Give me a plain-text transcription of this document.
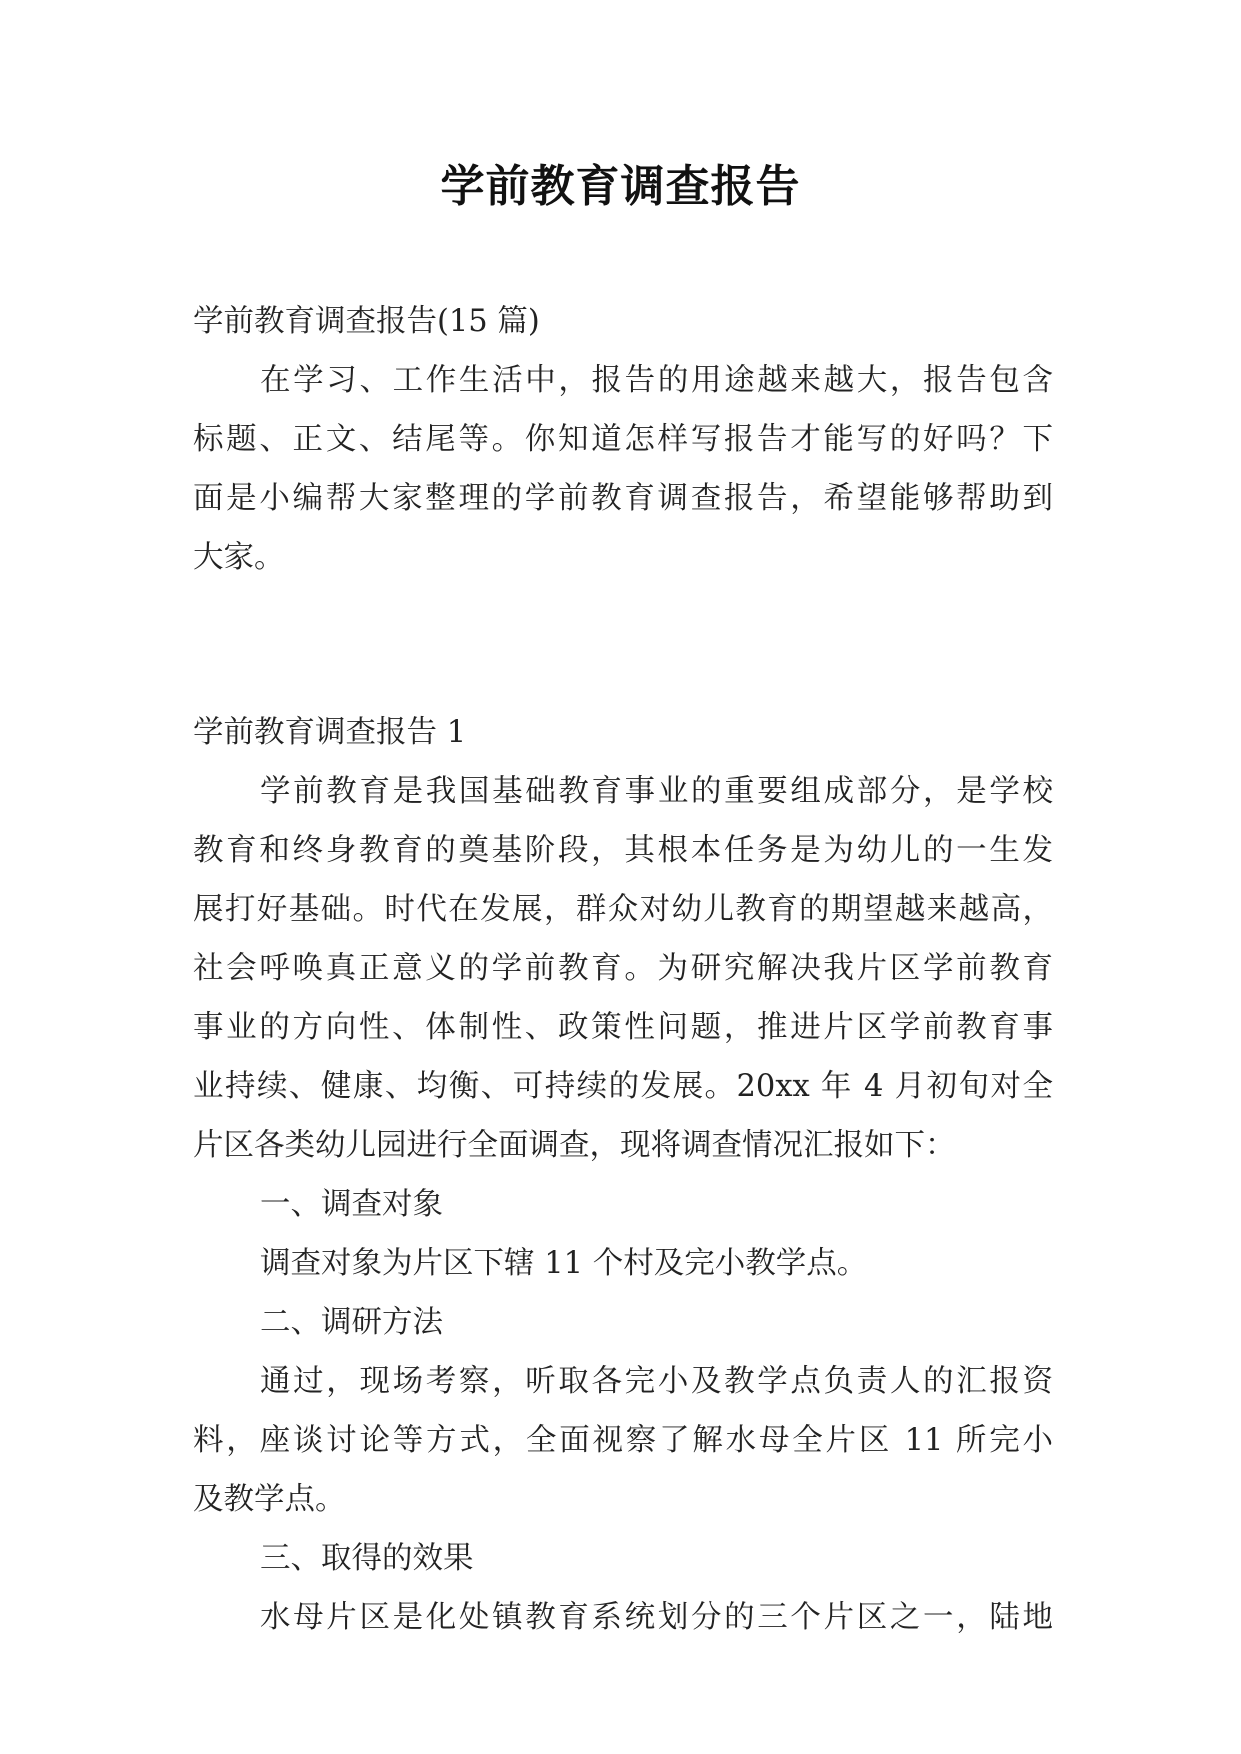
学前教育调查报告
学前教育调查报告(15 篇)
在学习、工作生活中，报告的用途越来越大，报告包含
标题、正文、结尾等。你知道怎样写报告才能写的好吗？下
面是小编帮大家整理的学前教育调查报告，希望能够帮助到
大家。
学前教育调查报告 1
学前教育是我国基础教育事业的重要组成部分，是学校
教育和终身教育的奠基阶段，其根本任务是为幼儿的一生发
展打好基础。时代在发展，群众对幼儿教育的期望越来越高，
社会呼唤真正意义的学前教育。为研究解决我片区学前教育
事业的方向性、体制性、政策性问题，推进片区学前教育事
业持续、健康、均衡、可持续的发展。20xx 年 4 月初旬对全
片区各类幼儿园进行全面调查，现将调查情况汇报如下：
一、调查对象
调查对象为片区下辖 11 个村及完小教学点。
二、调研方法
通过，现场考察，听取各完小及教学点负责人的汇报资
料，座谈讨论等方式，全面视察了解水母全片区 11 所完小
及教学点。
三、取得的效果
水母片区是化处镇教育系统划分的三个片区之一，陆地
